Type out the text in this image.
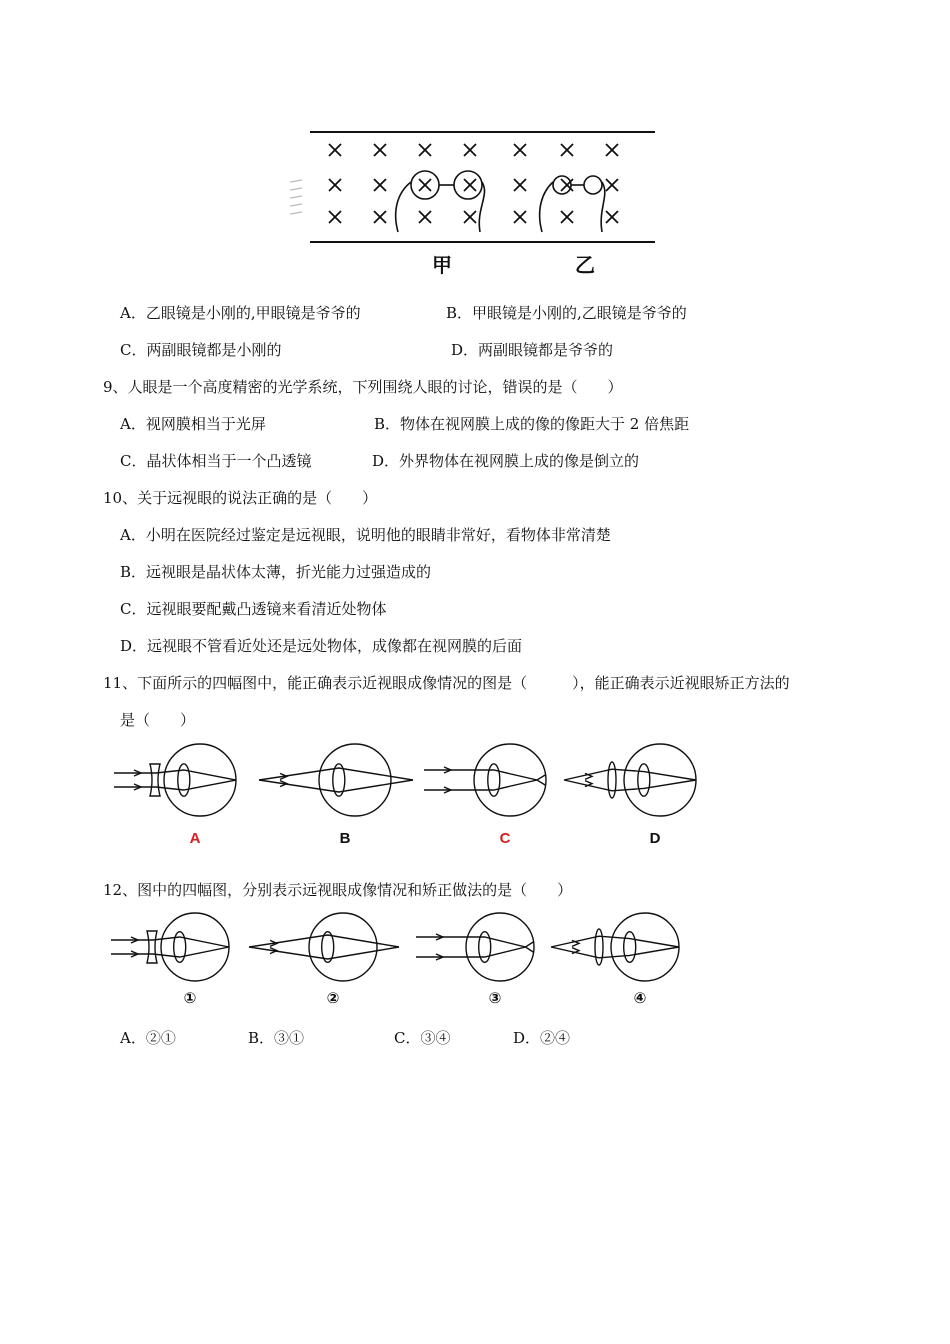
甲	乙
A．乙眼镜是小刚的,甲眼镜是爷爷的	B．甲眼镜是小刚的,乙眼镜是爷爷的
C．两副眼镜都是小刚的	D．两副眼镜都是爷爷的
9、人眼是一个高度精密的光学系统，下列围绕人眼的讨论，错误的是（　　）
A．视网膜相当于光屏	B．物体在视网膜上成的像的像距大于 2 倍焦距
C．晶状体相当于一个凸透镜	D．外界物体在视网膜上成的像是倒立的
10、关于远视眼的说法正确的是（　　）
A．小明在医院经过鉴定是远视眼，说明他的眼睛非常好，看物体非常清楚
B．远视眼是晶状体太薄，折光能力过强造成的
C．远视眼要配戴凸透镜来看清近处物体
D．远视眼不管看近处还是远处物体，成像都在视网膜的后面
11、下面所示的四幅图中，能正确表示近视眼成像情况的图是（　　　），能正确表示近视眼矫正方法的
是（　　）
A	B	C	D
12、图中的四幅图，分别表示远视眼成像情况和矫正做法的是（　　）
①	②	③	④
A．②①	B．③①	C．③④	D．②④
